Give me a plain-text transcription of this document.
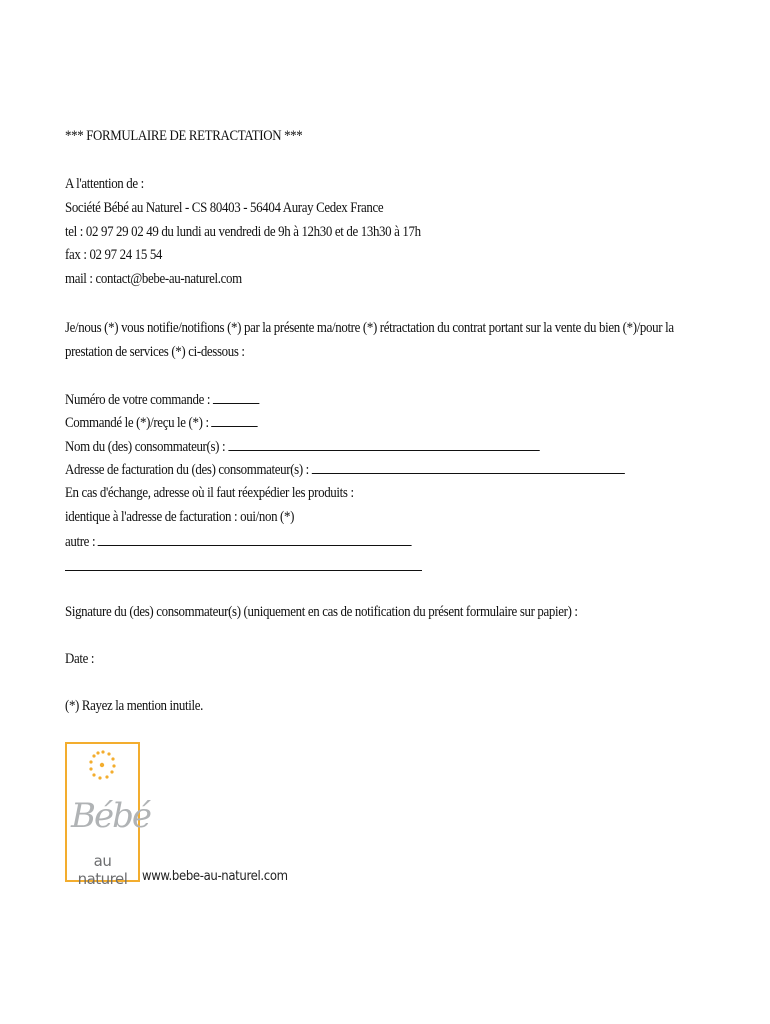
*** FORMULAIRE DE RETRACTATION ***
A l'attention de :
Société Bébé au Naturel - CS 80403 - 56404 Auray Cedex France
tel : 02 97 29 02 49 du lundi au vendredi de 9h à 12h30 et de 13h30 à 17h
fax : 02 97 24 15 54
mail : contact@bebe-au-naturel.com
Je/nous (*) vous notifie/notifions (*) par la présente ma/notre (*) rétractation du contrat portant sur la vente du bien (*)/pour la prestation de services (*) ci-dessous :
Numéro de votre commande :
Commandé le (*)/reçu le (*) :
Nom du (des) consommateur(s) :
Adresse de facturation du (des) consommateur(s) :
En cas d'échange, adresse où il faut réexpédier les produits :
identique à l'adresse de facturation : oui/non (*)
autre :
Signature du (des) consommateur(s) (uniquement en cas de notification du présent formulaire sur papier) :
Date :
(*) Rayez la mention inutile.
Bébé
au naturel	www.bebe-au-naturel.com
